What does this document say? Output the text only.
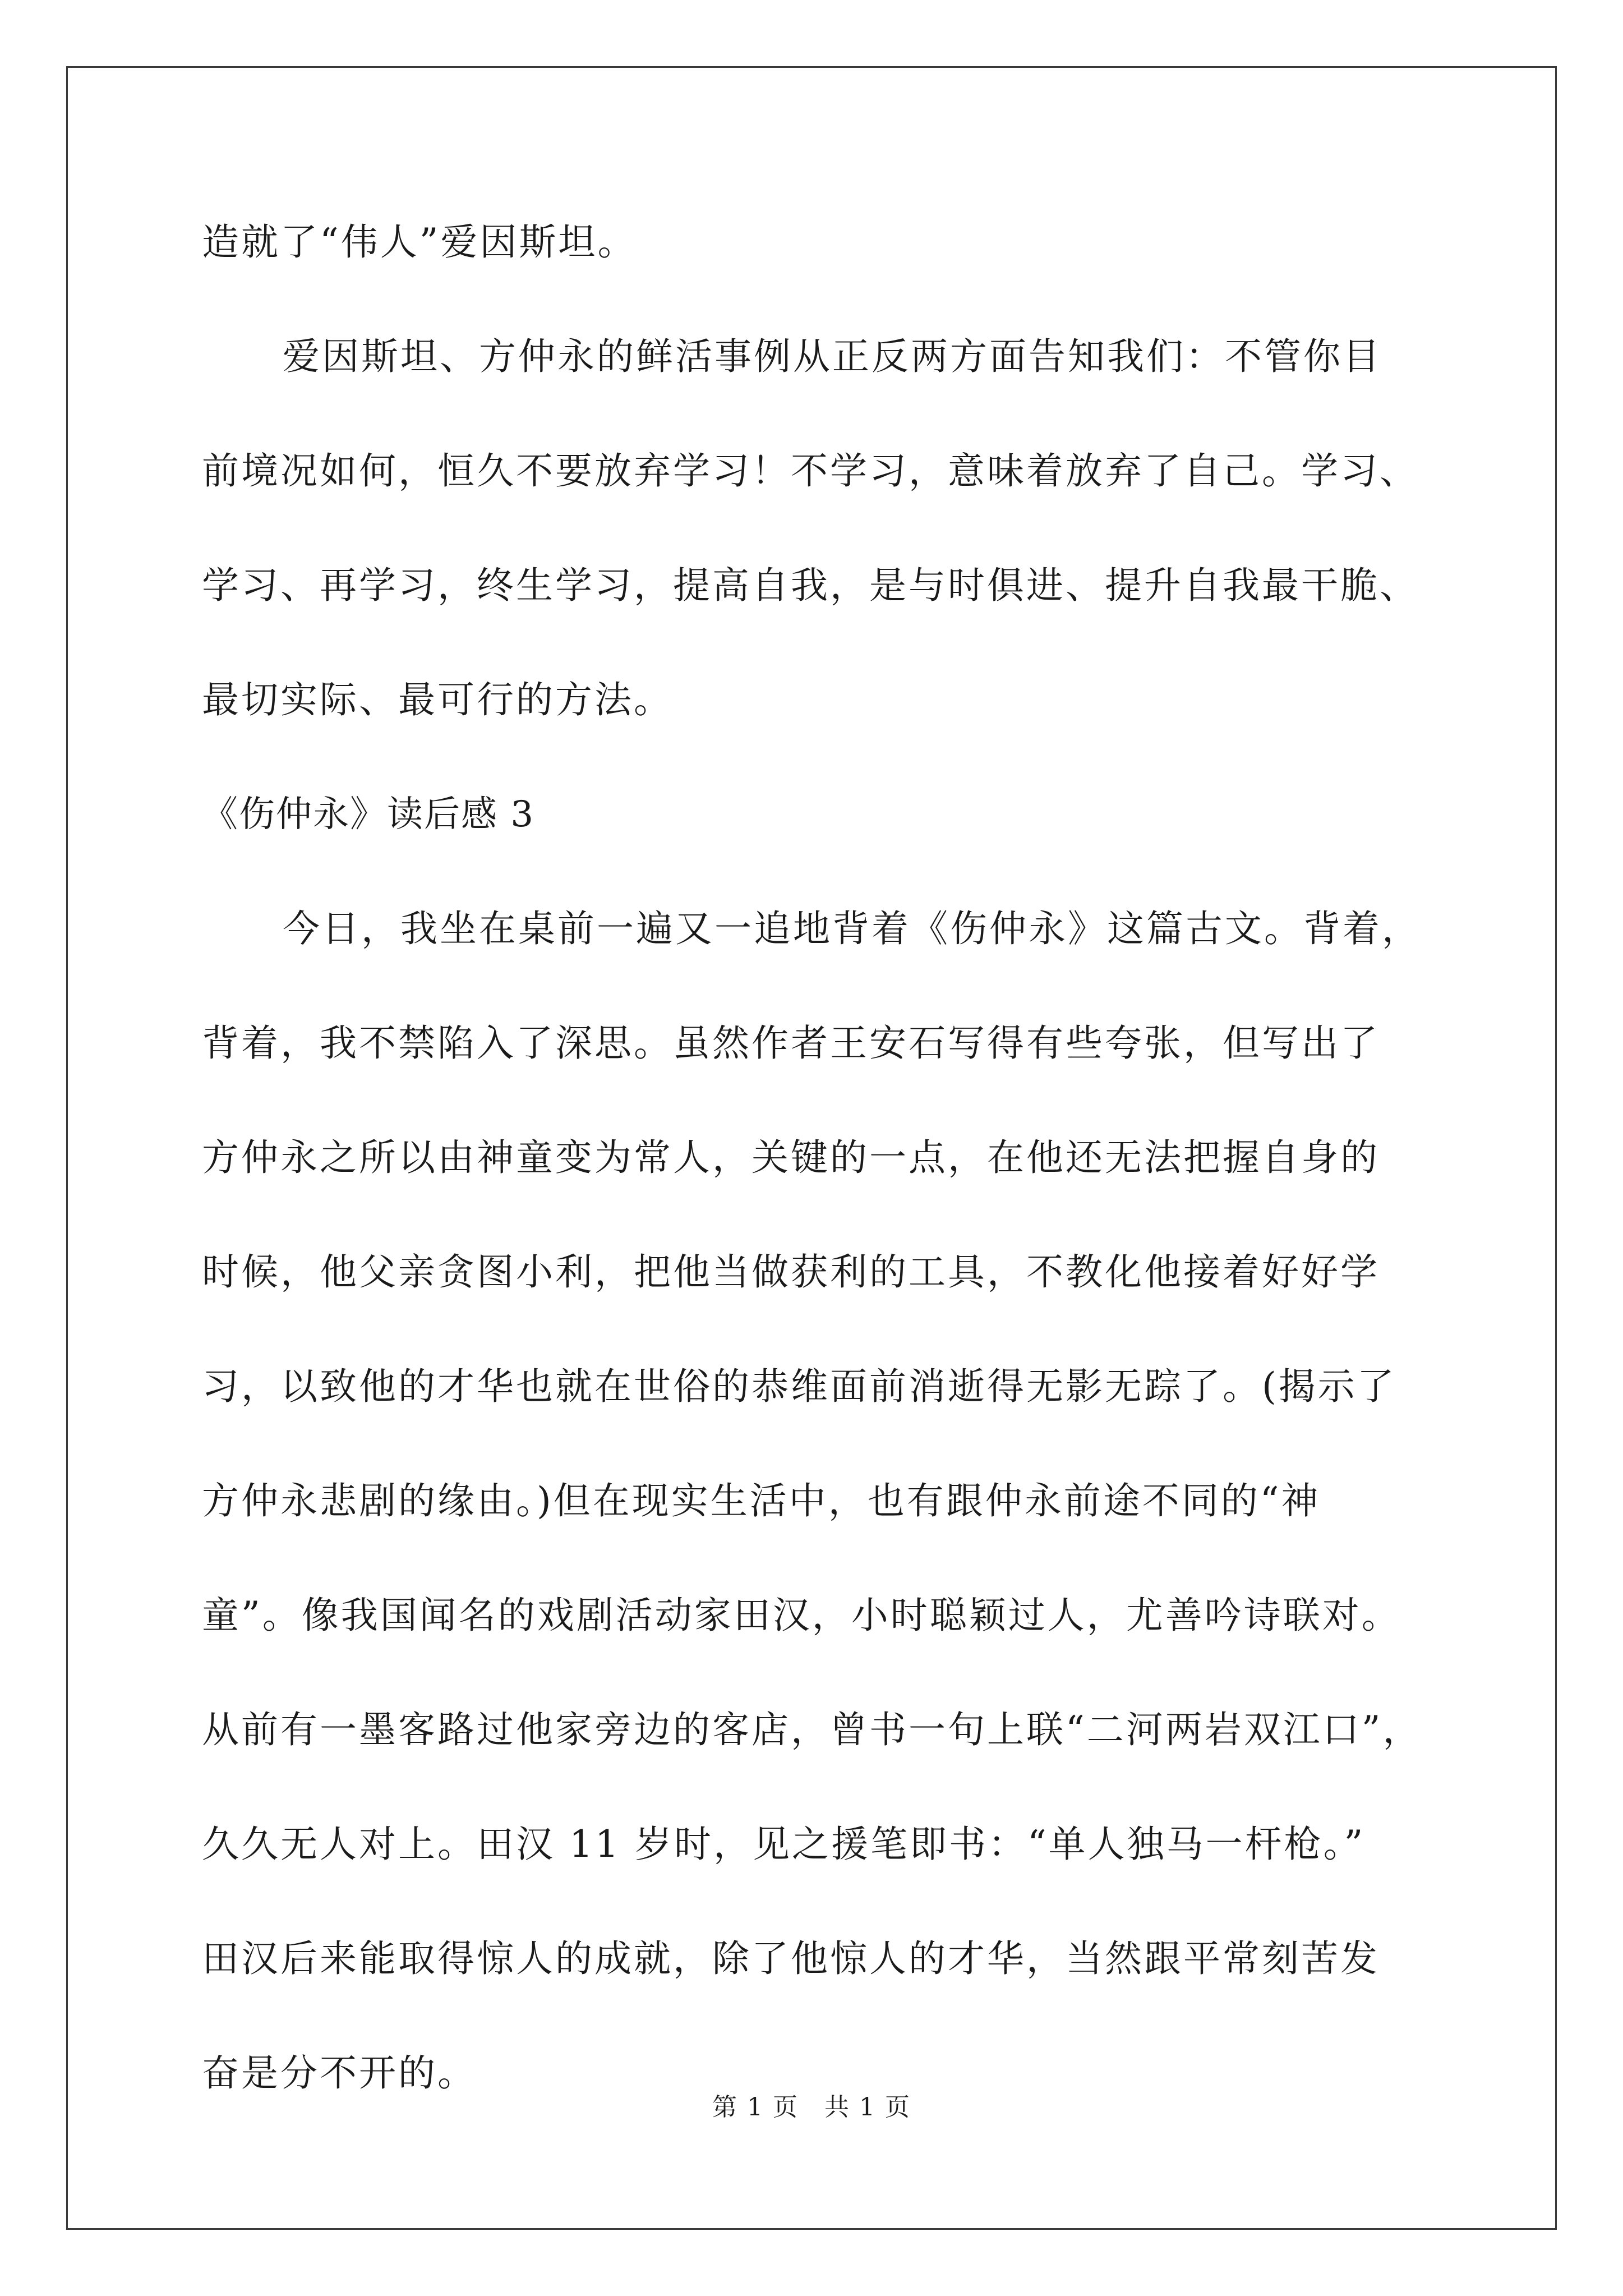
造就了“伟人”爱因斯坦。
爱因斯坦、方仲永的鲜活事例从正反两方面告知我们：不管你目
前境况如何，恒久不要放弃学习！不学习，意味着放弃了自己。学习、
学习、再学习，终生学习，提高自我，是与时俱进、提升自我最干脆、
最切实际、最可行的方法。
《伤仲永》读后感 3
今日，我坐在桌前一遍又一追地背着《伤仲永》这篇古文。背着，
背着，我不禁陷入了深思。虽然作者王安石写得有些夸张，但写出了
方仲永之所以由神童变为常人，关键的一点，在他还无法把握自身的
时候，他父亲贪图小利，把他当做获利的工具，不教化他接着好好学
习，以致他的才华也就在世俗的恭维面前消逝得无影无踪了。(揭示了
方仲永悲剧的缘由。)但在现实生活中，也有跟仲永前途不同的“神
童”。像我国闻名的戏剧活动家田汉，小时聪颖过人，尤善吟诗联对。
从前有一墨客路过他家旁边的客店，曾书一句上联“二河两岩双江口”，
久久无人对上。田汉 11 岁时，见之援笔即书：“单人独马一杆枪。”
田汉后来能取得惊人的成就，除了他惊人的才华，当然跟平常刻苦发
奋是分不开的。
第 1 页　共 1 页
